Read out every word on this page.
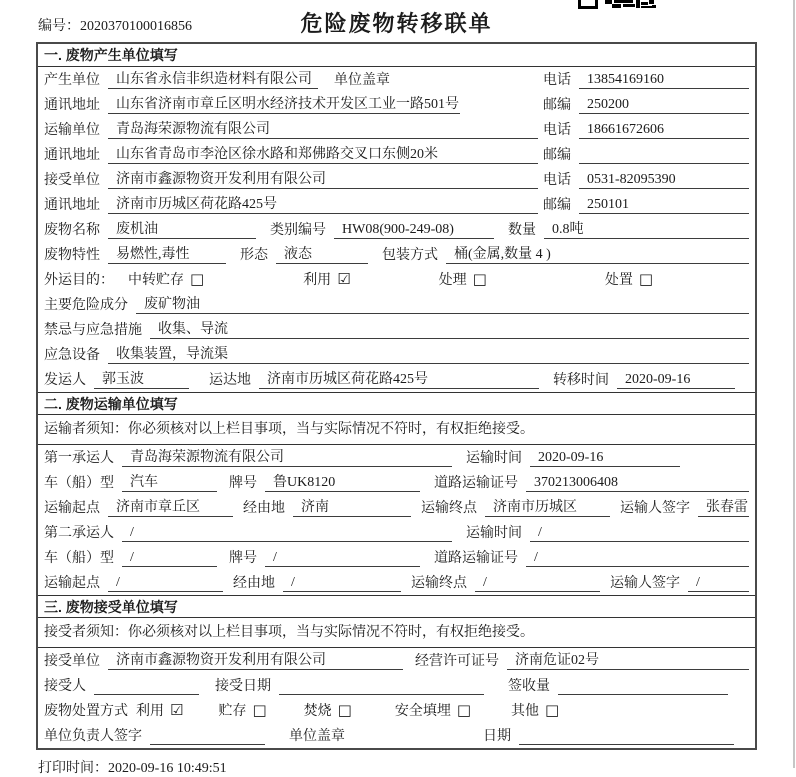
编号：2020370100016856	危险废物转移联单
一. 废物产生单位填写
产生单位	山东省永信非织造材料有限公司	单位盖章	电话	13854169160
通讯地址	山东省济南市章丘区明水经济技术开发区工业一路501号	邮编	250200
运输单位	青岛海荣源物流有限公司	电话	18661672606
通讯地址	山东省青岛市李沧区徐水路和郑佛路交叉口东侧20米	邮编
接受单位	济南市鑫源物资开发利用有限公司	电话	0531-82095390
通讯地址	济南市历城区荷花路425号	邮编	250101
废物名称	废机油	类别编号	HW08(900-249-08)	数量	0.8吨
废物特性	易燃性,毒性	形态	液态	包装方式	桶(金属,数量 4 )
外运目的： 中转贮存 □	利用 ☑	处理 □	处置 □
主要危险成分	废矿物油
禁忌与应急措施	收集、导流
应急设备	收集装置，导流渠
发运人	郭玉波	运达地	济南市历城区荷花路425号	转移时间	2020-09-16
二. 废物运输单位填写
运输者须知：你必须核对以上栏目事项，当与实际情况不符时，有权拒绝接受。
第一承运人	青岛海荣源物流有限公司	运输时间	2020-09-16
车（船）型	汽车	牌号	鲁UK8120	道路运输证号	370213006408
运输起点	济南市章丘区	经由地	济南	运输终点	济南市历城区	运输人签字	张春雷
第二承运人	/	运输时间	/
车（船）型	/	牌号	/	道路运输证号	/
运输起点	/	经由地	/	运输终点	/	运输人签字	/
三. 废物接受单位填写
接受者须知：你必须核对以上栏目事项，当与实际情况不符时，有权拒绝接受。
接受单位	济南市鑫源物资开发利用有限公司	经营许可证号	济南危证02号
接受人	接受日期	签收量
废物处置方式 利用 ☑	贮存 □	焚烧 □	安全填埋 □	其他 □
单位负责人签字	单位盖章	日期
打印时间：2020-09-16 10:49:51
